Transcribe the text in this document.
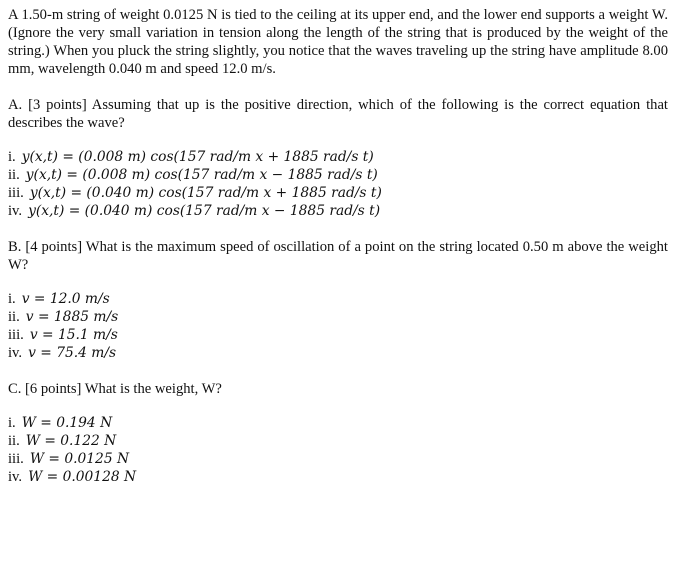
A 1.50-m string of weight 0.0125 N is tied to the ceiling at its upper end, and the lower end supports a weight W. (Ignore the very small variation in tension along the length of the string that is produced by the weight of the string.) When you pluck the string slightly, you notice that the waves traveling up the string have amplitude 8.00 mm, wavelength 0.040 m and speed 12.0 m/s.

A. [3 points] Assuming that up is the positive direction, which of the following is the correct equation that describes the wave?

i. y(x,t) = (0.008 m) cos(157 rad/m x + 1885 rad/s t)
ii. y(x,t) = (0.008 m) cos(157 rad/m x − 1885 rad/s t)
iii. y(x,t) = (0.040 m) cos(157 rad/m x + 1885 rad/s t)
iv. y(x,t) = (0.040 m) cos(157 rad/m x − 1885 rad/s t)

B. [4 points] What is the maximum speed of oscillation of a point on the string located 0.50 m above the weight W?

i. v = 12.0 m/s
ii. v = 1885 m/s
iii. v = 15.1 m/s
iv. v = 75.4 m/s

C. [6 points] What is the weight, W?

i. W = 0.194 N
ii. W = 0.122 N
iii. W = 0.0125 N
iv. W = 0.00128 N
